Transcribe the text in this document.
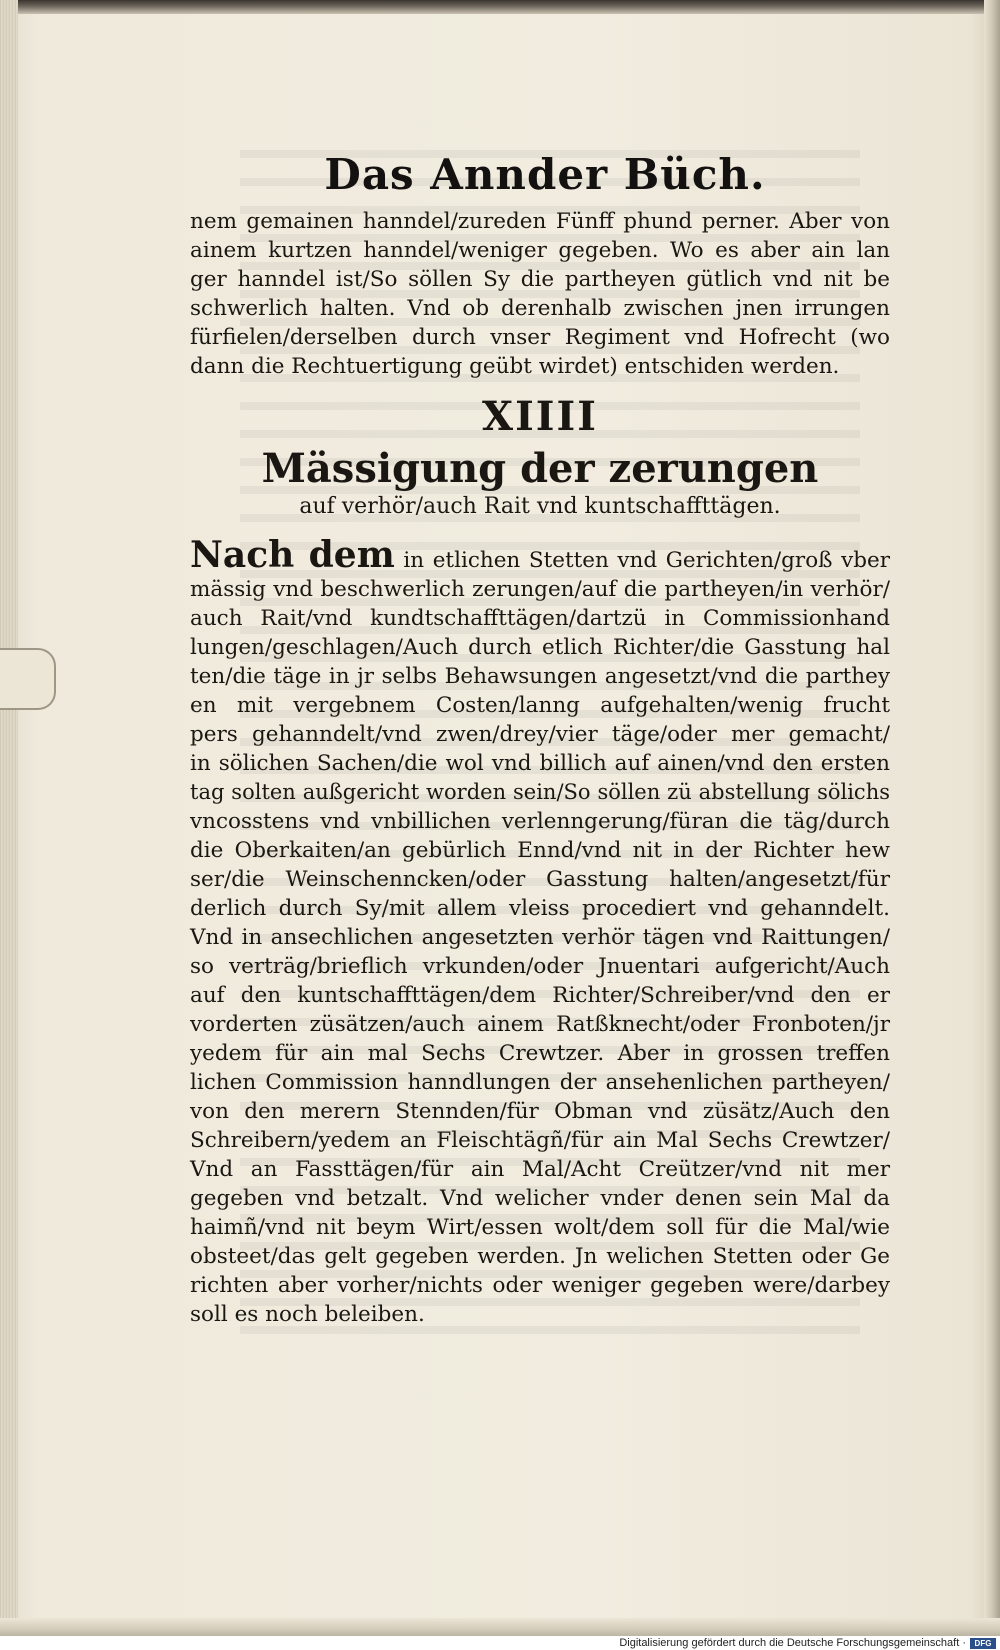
Das Annder Büch.
nem gemainen hanndel/zureden Fünff phund perner. Aber von
ainem kurtzen hanndel/weniger gegeben. Wo es aber ain lan
ger hanndel ist/So söllen Sy die partheyen gütlich vnd nit be
schwerlich halten. Vnd ob derenhalb zwischen jnen irrungen
fürfielen/derselben durch vnser Regiment vnd Hofrecht (wo
dann die Rechtuertigung geübt wirdet) entschiden werden.
XIIII
Mässigung der zerungen
auf verhör/auch Rait vnd kuntschaffttägen.
Nach dem in etlichen Stetten vnd Gerichten/groß vber
mässig vnd beschwerlich zerungen/auf die partheyen/in verhör/
auch Rait/vnd kundtschaffttägen/dartzü in Commissionhand
lungen/geschlagen/Auch durch etlich Richter/die Gasstung hal
ten/die täge in jr selbs Behawsungen angesetzt/vnd die parthey
en mit vergebnem Costen/lanng aufgehalten/wenig frucht
pers gehanndelt/vnd zwen/drey/vier täge/oder mer gemacht/
in sölichen Sachen/die wol vnd billich auf ainen/vnd den ersten
tag solten außgericht worden sein/So söllen zü abstellung sölichs
vncosstens vnd vnbillichen verlenngerung/füran die täg/durch
die Oberkaiten/an gebürlich Ennd/vnd nit in der Richter hew
ser/die Weinschenncken/oder Gasstung halten/angesetzt/für
derlich durch Sy/mit allem vleiss procediert vnd gehanndelt.
Vnd in ansechlichen angesetzten verhör tägen vnd Raittungen/
so verträg/brieflich vrkunden/oder Jnuentari aufgericht/Auch
auf den kuntschaffttägen/dem Richter/Schreiber/vnd den er
vorderten züsätzen/auch ainem Ratßknecht/oder Fronboten/jr
yedem für ain mal Sechs Crewtzer. Aber in grossen treffen
lichen Commission hanndlungen der ansehenlichen partheyen/
von den merern Stennden/für Obman vnd züsätz/Auch den
Schreibern/yedem an Fleischtägñ/für ain Mal Sechs Crewtzer/
Vnd an Fassttägen/für ain Mal/Acht Creützer/vnd nit mer
gegeben vnd betzalt. Vnd welicher vnder denen sein Mal da
haimñ/vnd nit beym Wirt/essen wolt/dem soll für die Mal/wie
obsteet/das gelt gegeben werden. Jn welichen Stetten oder Ge
richten aber vorher/nichts oder weniger gegeben were/darbey
soll es noch beleiben.
Digitalisierung gefördert durch die Deutsche Forschungsgemeinschaft ·	DFG
